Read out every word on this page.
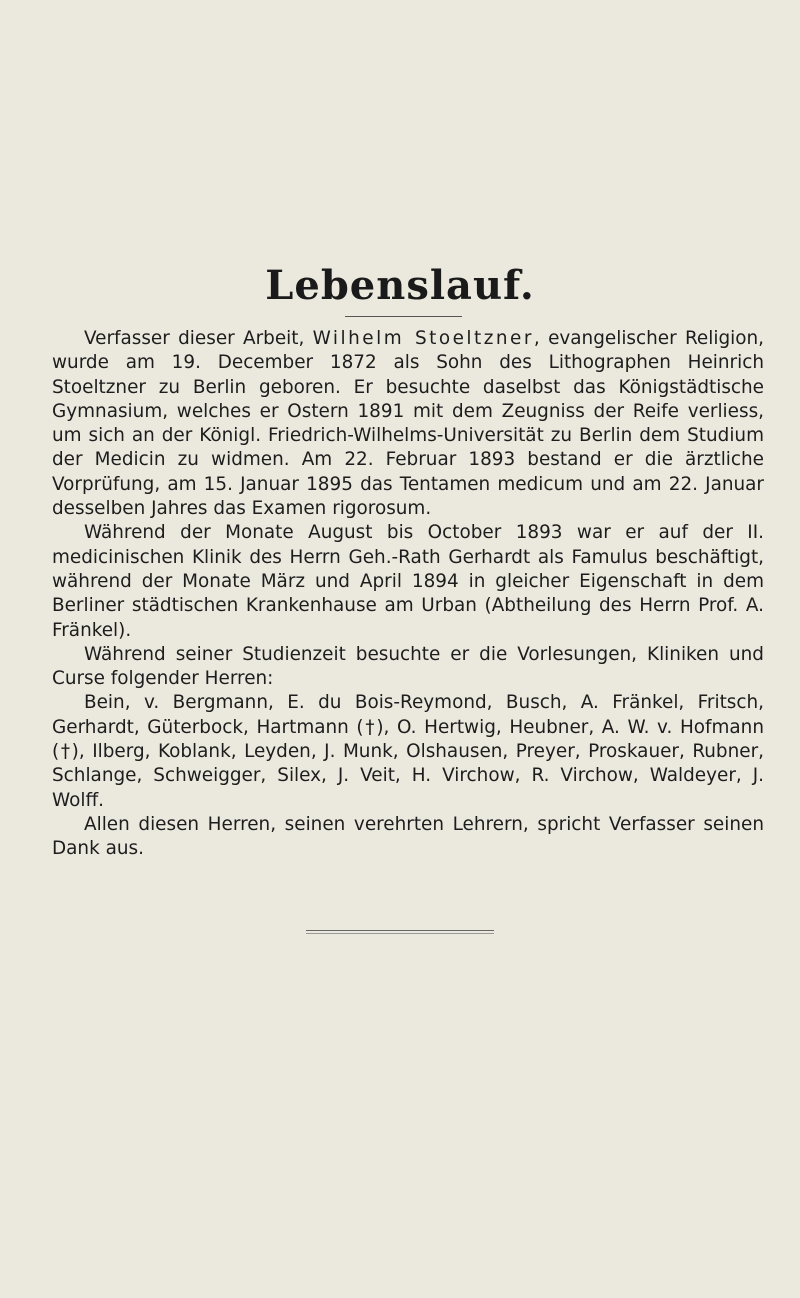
Lebenslauf.

Verfasser dieser Arbeit, Wilhelm Stoeltzner, evangelischer Religion, wurde am 19. December 1872 als Sohn des Lithographen Heinrich Stoeltzner zu Berlin geboren. Er besuchte daselbst das Königstädtische Gymnasium, welches er Ostern 1891 mit dem Zeugniss der Reife verliess, um sich an der Königl. Friedrich-Wilhelms-Universität zu Berlin dem Studium der Medicin zu widmen. Am 22. Februar 1893 bestand er die ärztliche Vorprüfung, am 15. Januar 1895 das Tentamen medicum und am 22. Januar desselben Jahres das Examen rigorosum.

Während der Monate August bis October 1893 war er auf der II. medicinischen Klinik des Herrn Geh.-Rath Gerhardt als Famulus beschäftigt, während der Monate März und April 1894 in gleicher Eigenschaft in dem Berliner städtischen Krankenhause am Urban (Abtheilung des Herrn Prof. A. Fränkel).

Während seiner Studienzeit besuchte er die Vorlesungen, Kliniken und Curse folgender Herren:

Bein, v. Bergmann, E. du Bois-Reymond, Busch, A. Fränkel, Fritsch, Gerhardt, Güterbock, Hartmann (†), O. Hertwig, Heubner, A. W. v. Hofmann (†), Ilberg, Koblank, Leyden, J. Munk, Olshausen, Preyer, Proskauer, Rubner, Schlange, Schweigger, Silex, J. Veit, H. Virchow, R. Virchow, Waldeyer, J. Wolff.

Allen diesen Herren, seinen verehrten Lehrern, spricht Verfasser seinen Dank aus.
